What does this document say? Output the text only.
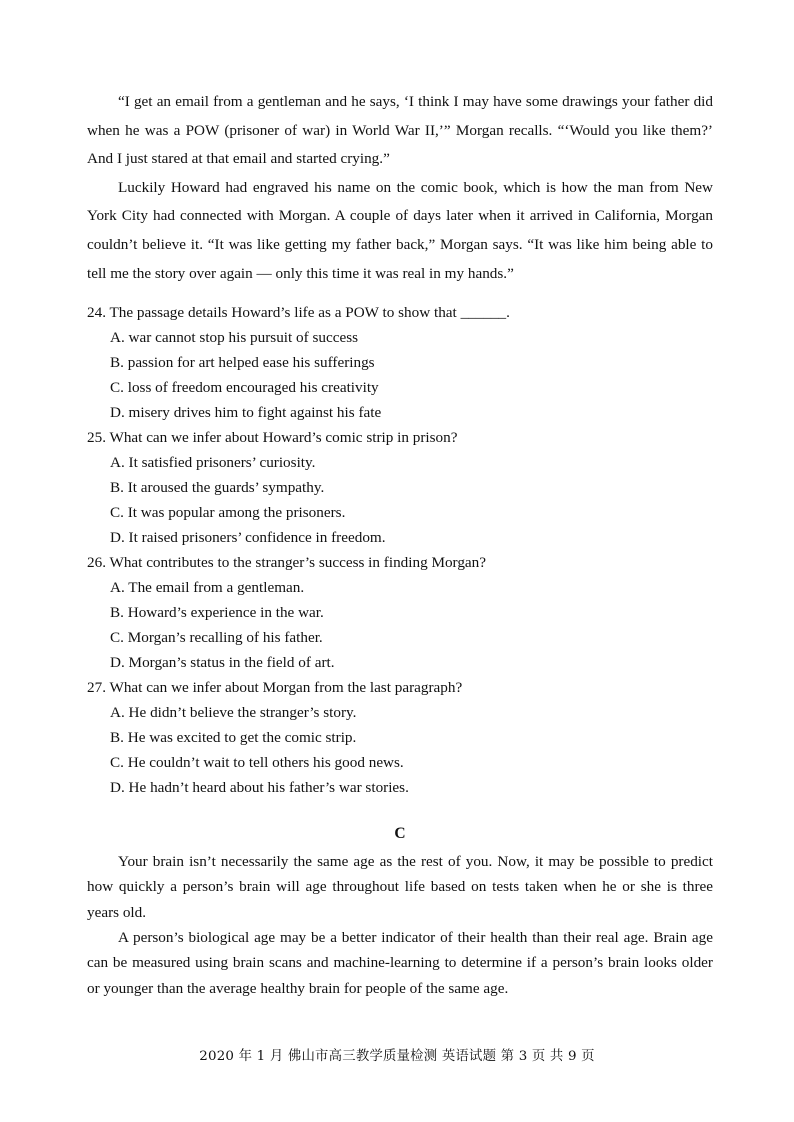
“I get an email from a gentleman and he says, ‘I think I may have some drawings your father did when he was a POW (prisoner of war) in World War II,’” Morgan recalls. “‘Would you like them?’ And I just stared at that email and started crying.”

Luckily Howard had engraved his name on the comic book, which is how the man from New York City had connected with Morgan. A couple of days later when it arrived in California, Morgan couldn’t believe it. “It was like getting my father back,” Morgan says. “It was like him being able to tell me the story over again — only this time it was real in my hands.”

24. The passage details Howard’s life as a POW to show that ______.

A. war cannot stop his pursuit of success

B. passion for art helped ease his sufferings

C. loss of freedom encouraged his creativity

D. misery drives him to fight against his fate

25. What can we infer about Howard’s comic strip in prison?

A. It satisfied prisoners’ curiosity.

B. It aroused the guards’ sympathy.

C. It was popular among the prisoners.

D. It raised prisoners’ confidence in freedom.

26. What contributes to the stranger’s success in finding Morgan?

A. The email from a gentleman.

B. Howard’s experience in the war.

C. Morgan’s recalling of his father.

D. Morgan’s status in the field of art.

27. What can we infer about Morgan from the last paragraph?

A. He didn’t believe the stranger’s story.

B. He was excited to get the comic strip.

C. He couldn’t wait to tell others his good news.

D. He hadn’t heard about his father’s war stories.

C

Your brain isn’t necessarily the same age as the rest of you. Now, it may be possible to predict how quickly a person’s brain will age throughout life based on tests taken when he or she is three years old.

A person’s biological age may be a better indicator of their health than their real age. Brain age can be measured using brain scans and machine-learning to determine if a person’s brain looks older or younger than the average healthy brain for people of the same age.

2020 年 1 月 佛山市高三教学质量检测 英语试题 第 3 页 共 9 页
